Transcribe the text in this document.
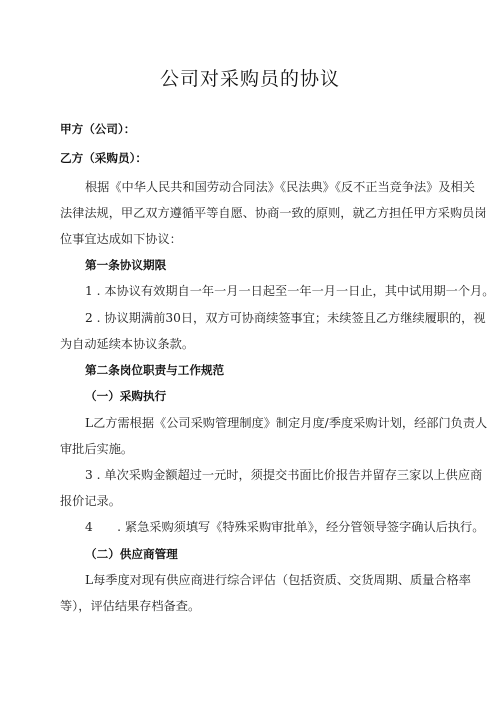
公司对采购员的协议
甲方（公司）：
乙方（采购员）：
根据《中华人民共和国劳动合同法》《民法典》《反不正当竞争法》及相关
法律法规，甲乙双方遵循平等自愿、协商一致的原则，就乙方担任甲方采购员岗
位事宜达成如下协议：
第一条协议期限
1 . 本协议有效期自一年一月一日起至一年一月一日止，其中试用期一个月。
2 . 协议期满前30日，双方可协商续签事宜；未续签且乙方继续履职的，视
为自动延续本协议条款。
第二条岗位职责与工作规范
（一）采购执行
L乙方需根据《公司采购管理制度》制定月度/季度采购计划，经部门负责人
审批后实施。
3 . 单次采购金额超过一元时，须提交书面比价报告并留存三家以上供应商
报价记录。
4　　. 紧急采购须填写《特殊采购审批单》，经分管领导签字确认后执行。
（二）供应商管理
L每季度对现有供应商进行综合评估（包括资质、交货周期、质量合格率
等），评估结果存档备查。
